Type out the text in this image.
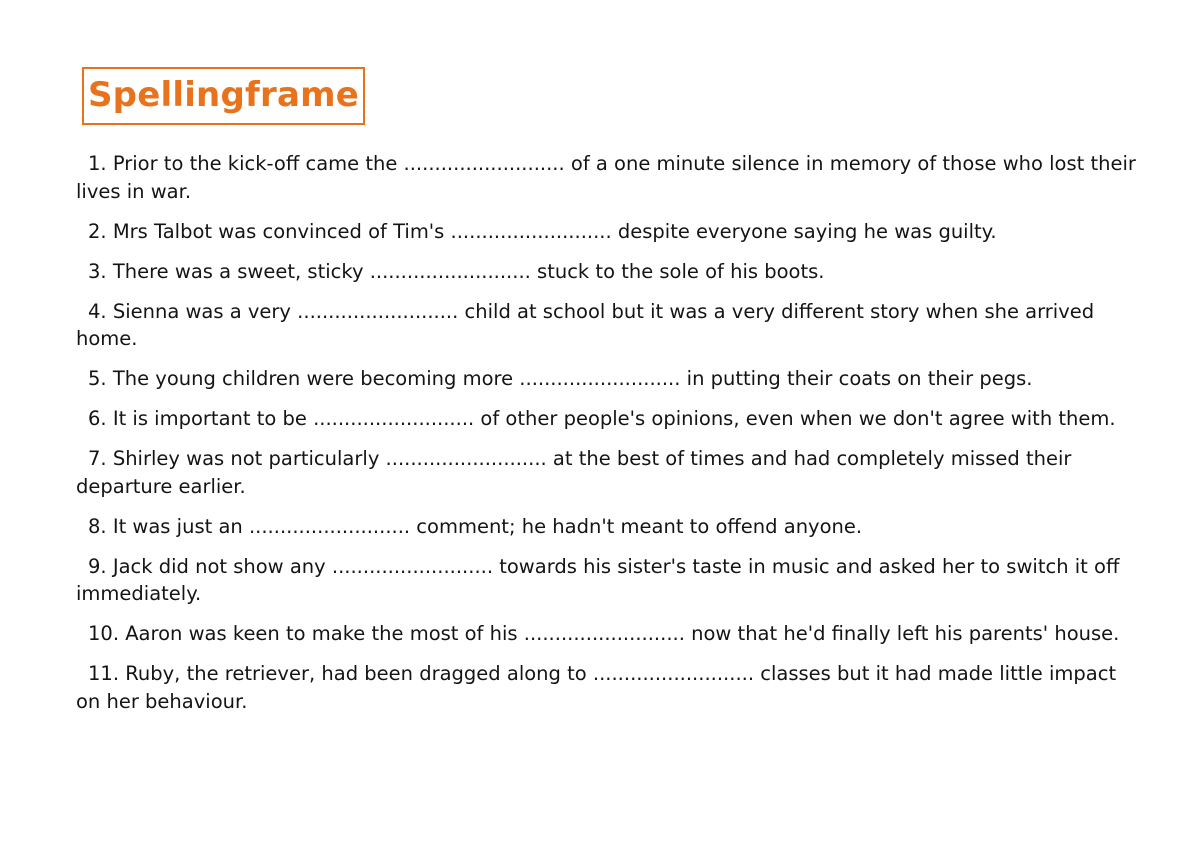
Spellingframe
1. Prior to the kick-off came the .......................... of a one minute silence in memory of those who lost their lives in war.
2. Mrs Talbot was convinced of Tim's .......................... despite everyone saying he was guilty.
3. There was a sweet, sticky .......................... stuck to the sole of his boots.
4. Sienna was a very .......................... child at school but it was a very different story when she arrived home.
5. The young children were becoming more .......................... in putting their coats on their pegs.
6. It is important to be .......................... of other people's opinions, even when we don't agree with them.
7. Shirley was not particularly .......................... at the best of times and had completely missed their departure earlier.
8. It was just an .......................... comment; he hadn't meant to offend anyone.
9. Jack did not show any .......................... towards his sister's taste in music and asked her to switch it off immediately.
10. Aaron was keen to make the most of his .......................... now that he'd finally left his parents' house.
11. Ruby, the retriever, had been dragged along to .......................... classes but it had made little impact on her behaviour.
